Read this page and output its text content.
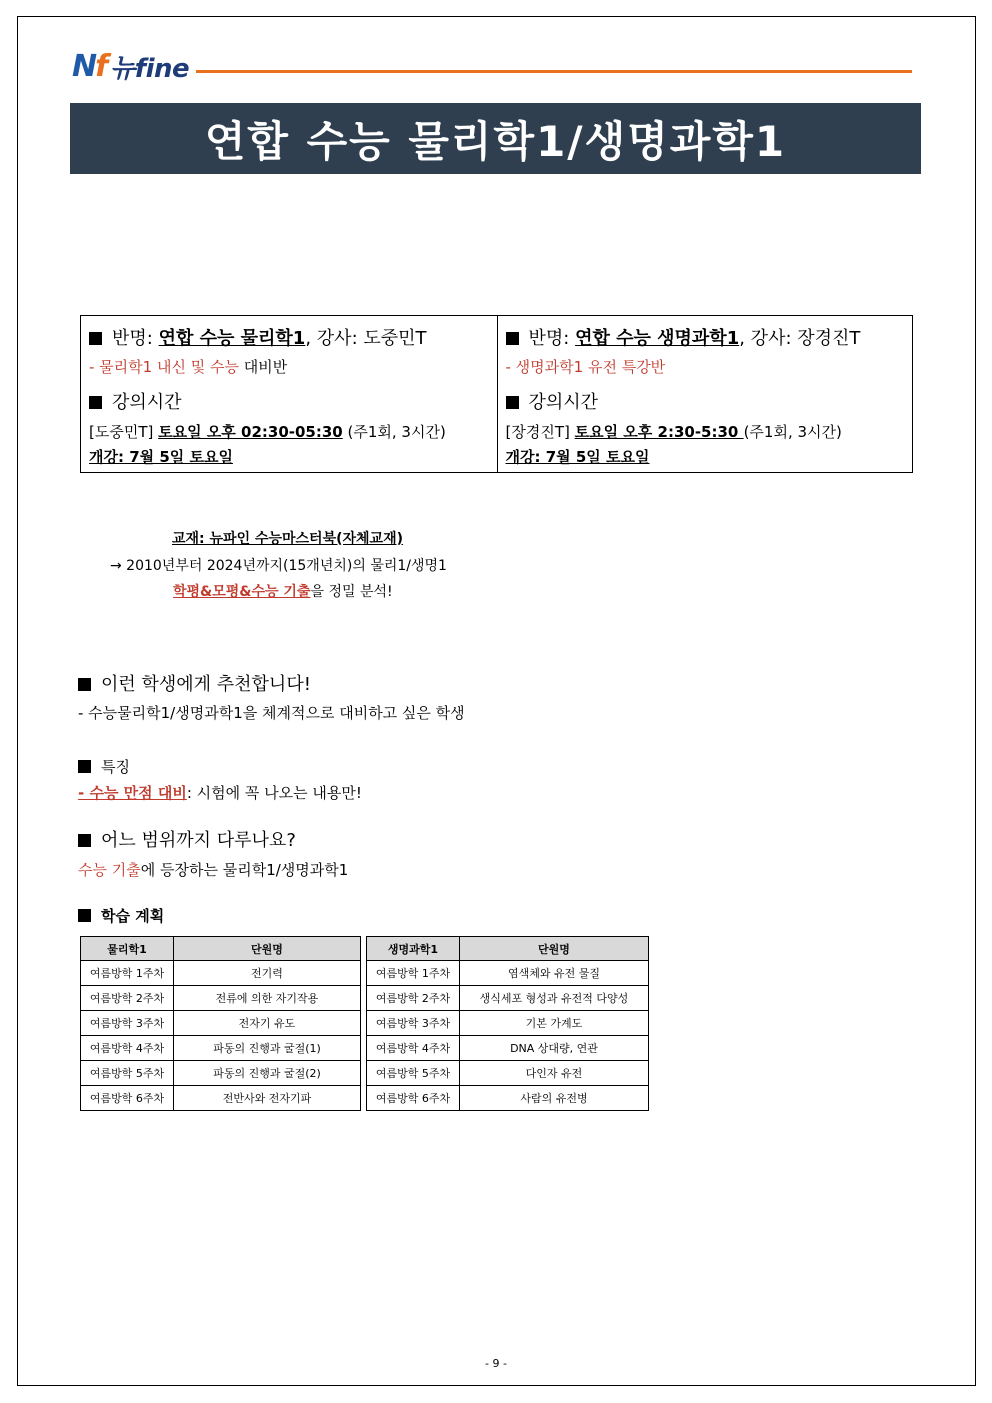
Nf 뉴fine
연합 수능 물리학1/생명과학1
반명: 연합 수능 물리학1, 강사: 도중민T
- 물리학1 내신 및 수능 대비반
강의시간
[도중민T] 토요일 오후 02:30-05:30 (주1회, 3시간)
개강: 7월 5일 토요일
반명: 연합 수능 생명과학1, 강사: 장경진T
- 생명과학1 유전 특강반
강의시간
[장경진T] 토요일 오후 2:30-5:30 (주1회, 3시간)
개강: 7월 5일 토요일
교재: 뉴파인 수능마스터북(자체교재)
→ 2010년부터 2024년까지(15개년치)의 물리1/생명1
학평&모평&수능 기출을 정밀 분석!
이런 학생에게 추천합니다!
- 수능물리학1/생명과학1을 체계적으로 대비하고 싶은 학생
특징
- 수능 만점 대비: 시험에 꼭 나오는 내용만!
어느 범위까지 다루나요?
수능 기출에 등장하는 물리학1/생명과학1
학습 계획
물리학1	단원명
여름방학 1주차	전기력
여름방학 2주차	전류에 의한 자기작용
여름방학 3주차	전자기 유도
여름방학 4주차	파동의 진행과 굴절(1)
여름방학 5주차	파동의 진행과 굴절(2)
여름방학 6주차	전반사와 전자기파
생명과학1	단원명
여름방학 1주차	염색체와 유전 물질
여름방학 2주차	생식세포 형성과 유전적 다양성
여름방학 3주차	기본 가계도
여름방학 4주차	DNA 상대량, 연관
여름방학 5주차	다인자 유전
여름방학 6주차	사람의 유전병
- 9 -
